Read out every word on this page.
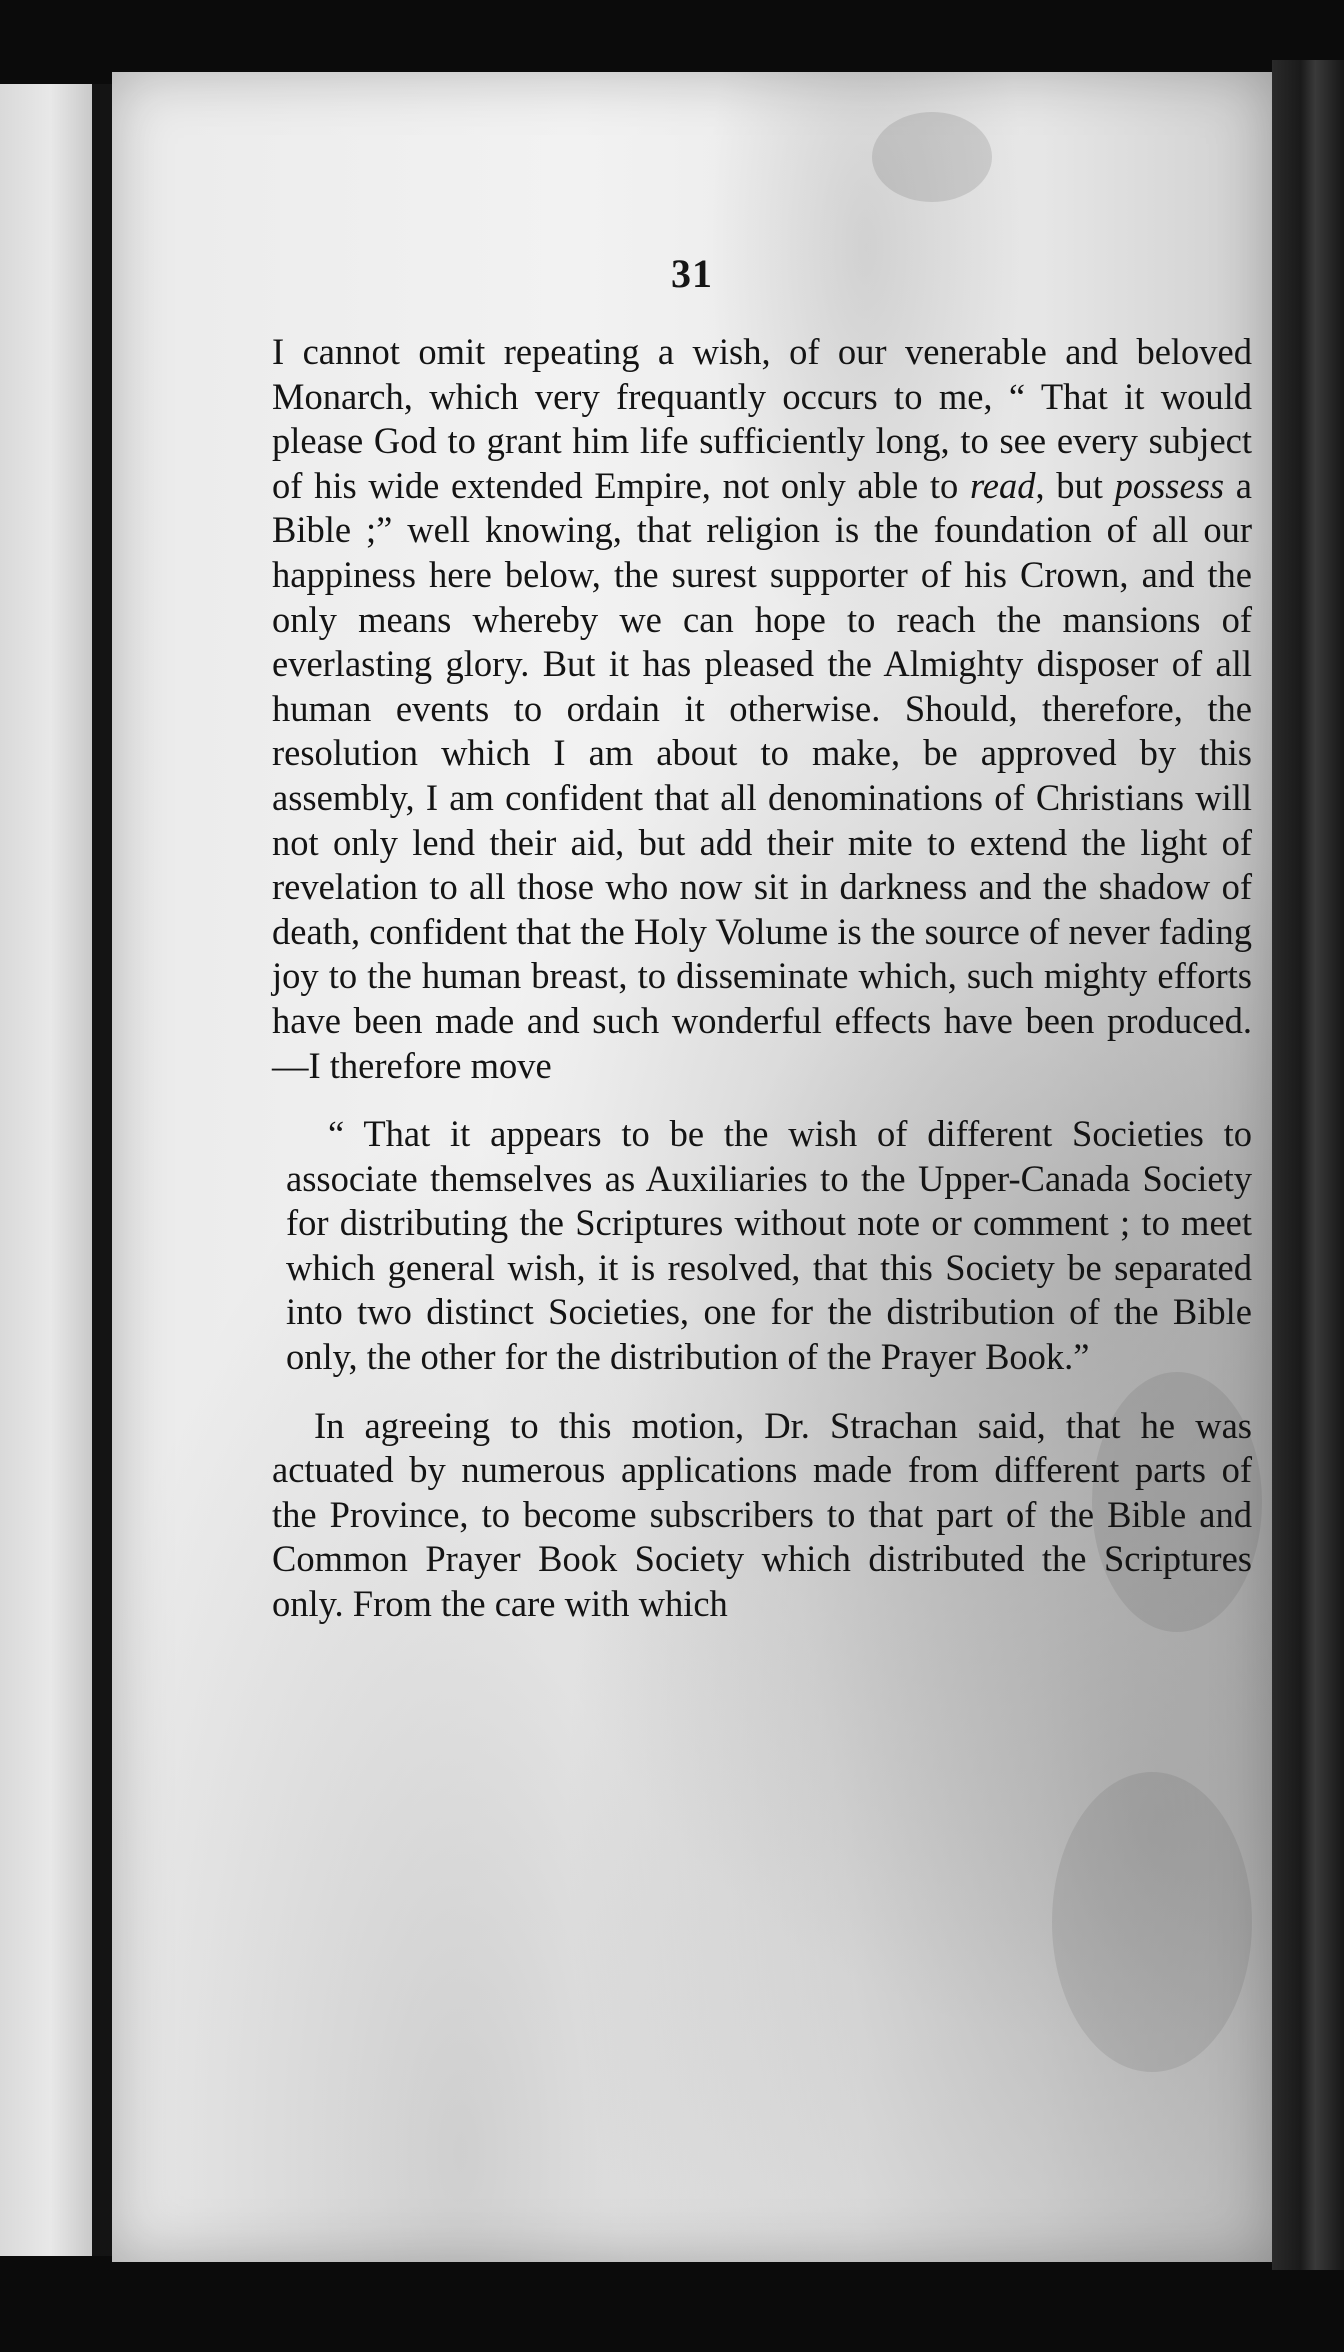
31

I cannot omit repeating a wish, of our venerable and beloved Monarch, which very frequantly occurs to me, “ That it would please God to grant him life sufficiently long, to see every subject of his wide extended Empire, not only able to read, but possess a Bible ;” well knowing, that religion is the foundation of all our happiness here below, the surest supporter of his Crown, and the only means whereby we can hope to reach the mansions of everlasting glory. But it has pleased the Almighty disposer of all human events to ordain it otherwise. Should, therefore, the resolution which I am about to make, be approved by this assembly, I am confident that all denominations of Christians will not only lend their aid, but add their mite to extend the light of revelation to all those who now sit in darkness and the shadow of death, confident that the Holy Volume is the source of never fading joy to the human breast, to disseminate which, such mighty efforts have been made and such wonderful effects have been produced.—I therefore move

“ That it appears to be the wish of different Societies to associate themselves as Auxiliaries to the Upper-Canada Society for distributing the Scriptures without note or comment ; to meet which general wish, it is resolved, that this Society be separated into two distinct Societies, one for the distribution of the Bible only, the other for the distribution of the Prayer Book.”

In agreeing to this motion, Dr. Strachan said, that he was actuated by numerous applications made from different parts of the Province, to become subscribers to that part of the Bible and Common Prayer Book Society which distributed the Scriptures only. From the care with which
